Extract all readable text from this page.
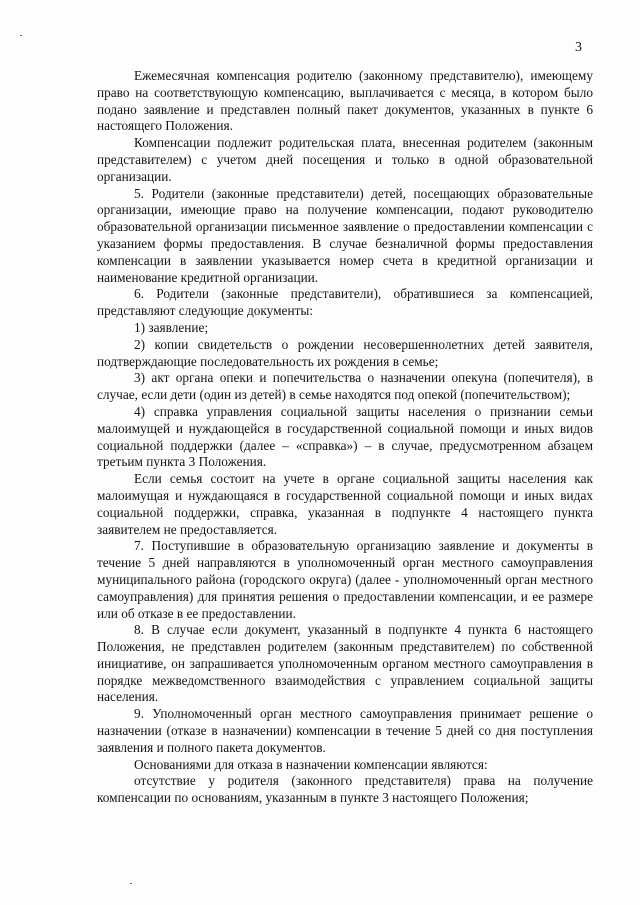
3

Ежемесячная компенсация родителю (законному представителю), имеющему право на соответствующую компенсацию, выплачивается с месяца, в котором было подано заявление и представлен полный пакет документов, указанных в пункте 6 настоящего Положения.

Компенсации подлежит родительская плата, внесенная родителем (законным представителем) с учетом дней посещения и только в одной образовательной организации.

5. Родители (законные представители) детей, посещающих образовательные организации, имеющие право на получение компенсации, подают руководителю образовательной организации письменное заявление о предоставлении компенсации с указанием формы предоставления. В случае безналичной формы предоставления компенсации в заявлении указывается номер счета в кредитной организации и наименование кредитной организации.

6. Родители (законные представители), обратившиеся за компенсацией, представляют следующие документы:

1) заявление;

2) копии свидетельств о рождении несовершеннолетних детей заявителя, подтверждающие последовательность их рождения в семье;

3) акт органа опеки и попечительства о назначении опекуна (попечителя), в случае, если дети (один из детей) в семье находятся под опекой (попечительством);

4) справка управления социальной защиты населения о признании семьи малоимущей и нуждающейся в государственной социальной помощи и иных видов социальной поддержки (далее – «справка») – в случае, предусмотренном абзацем третьим пункта 3 Положения.

Если семья состоит на учете в органе социальной защиты населения как малоимущая и нуждающаяся в государственной социальной помощи и иных видах социальной поддержки, справка, указанная в подпункте 4 настоящего пункта заявителем не предоставляется.

7. Поступившие в образовательную организацию заявление и документы в течение 5 дней направляются в уполномоченный орган местного самоуправления муниципального района (городского округа) (далее - уполномоченный орган местного самоуправления) для принятия решения о предоставлении компенсации, и ее размере или об отказе в ее предоставлении.

8. В случае если документ, указанный в подпункте 4 пункта 6 настоящего Положения, не представлен родителем (законным представителем) по собственной инициативе, он запрашивается уполномоченным органом местного самоуправления в порядке межведомственного взаимодействия с управлением социальной защиты населения.

9. Уполномоченный орган местного самоуправления принимает решение о назначении (отказе в назначении) компенсации в течение 5 дней со дня поступления заявления и полного пакета документов.

Основаниями для отказа в назначении компенсации являются:

отсутствие у родителя (законного представителя) права на получение компенсации по основаниям, указанным в пункте 3 настоящего Положения;
